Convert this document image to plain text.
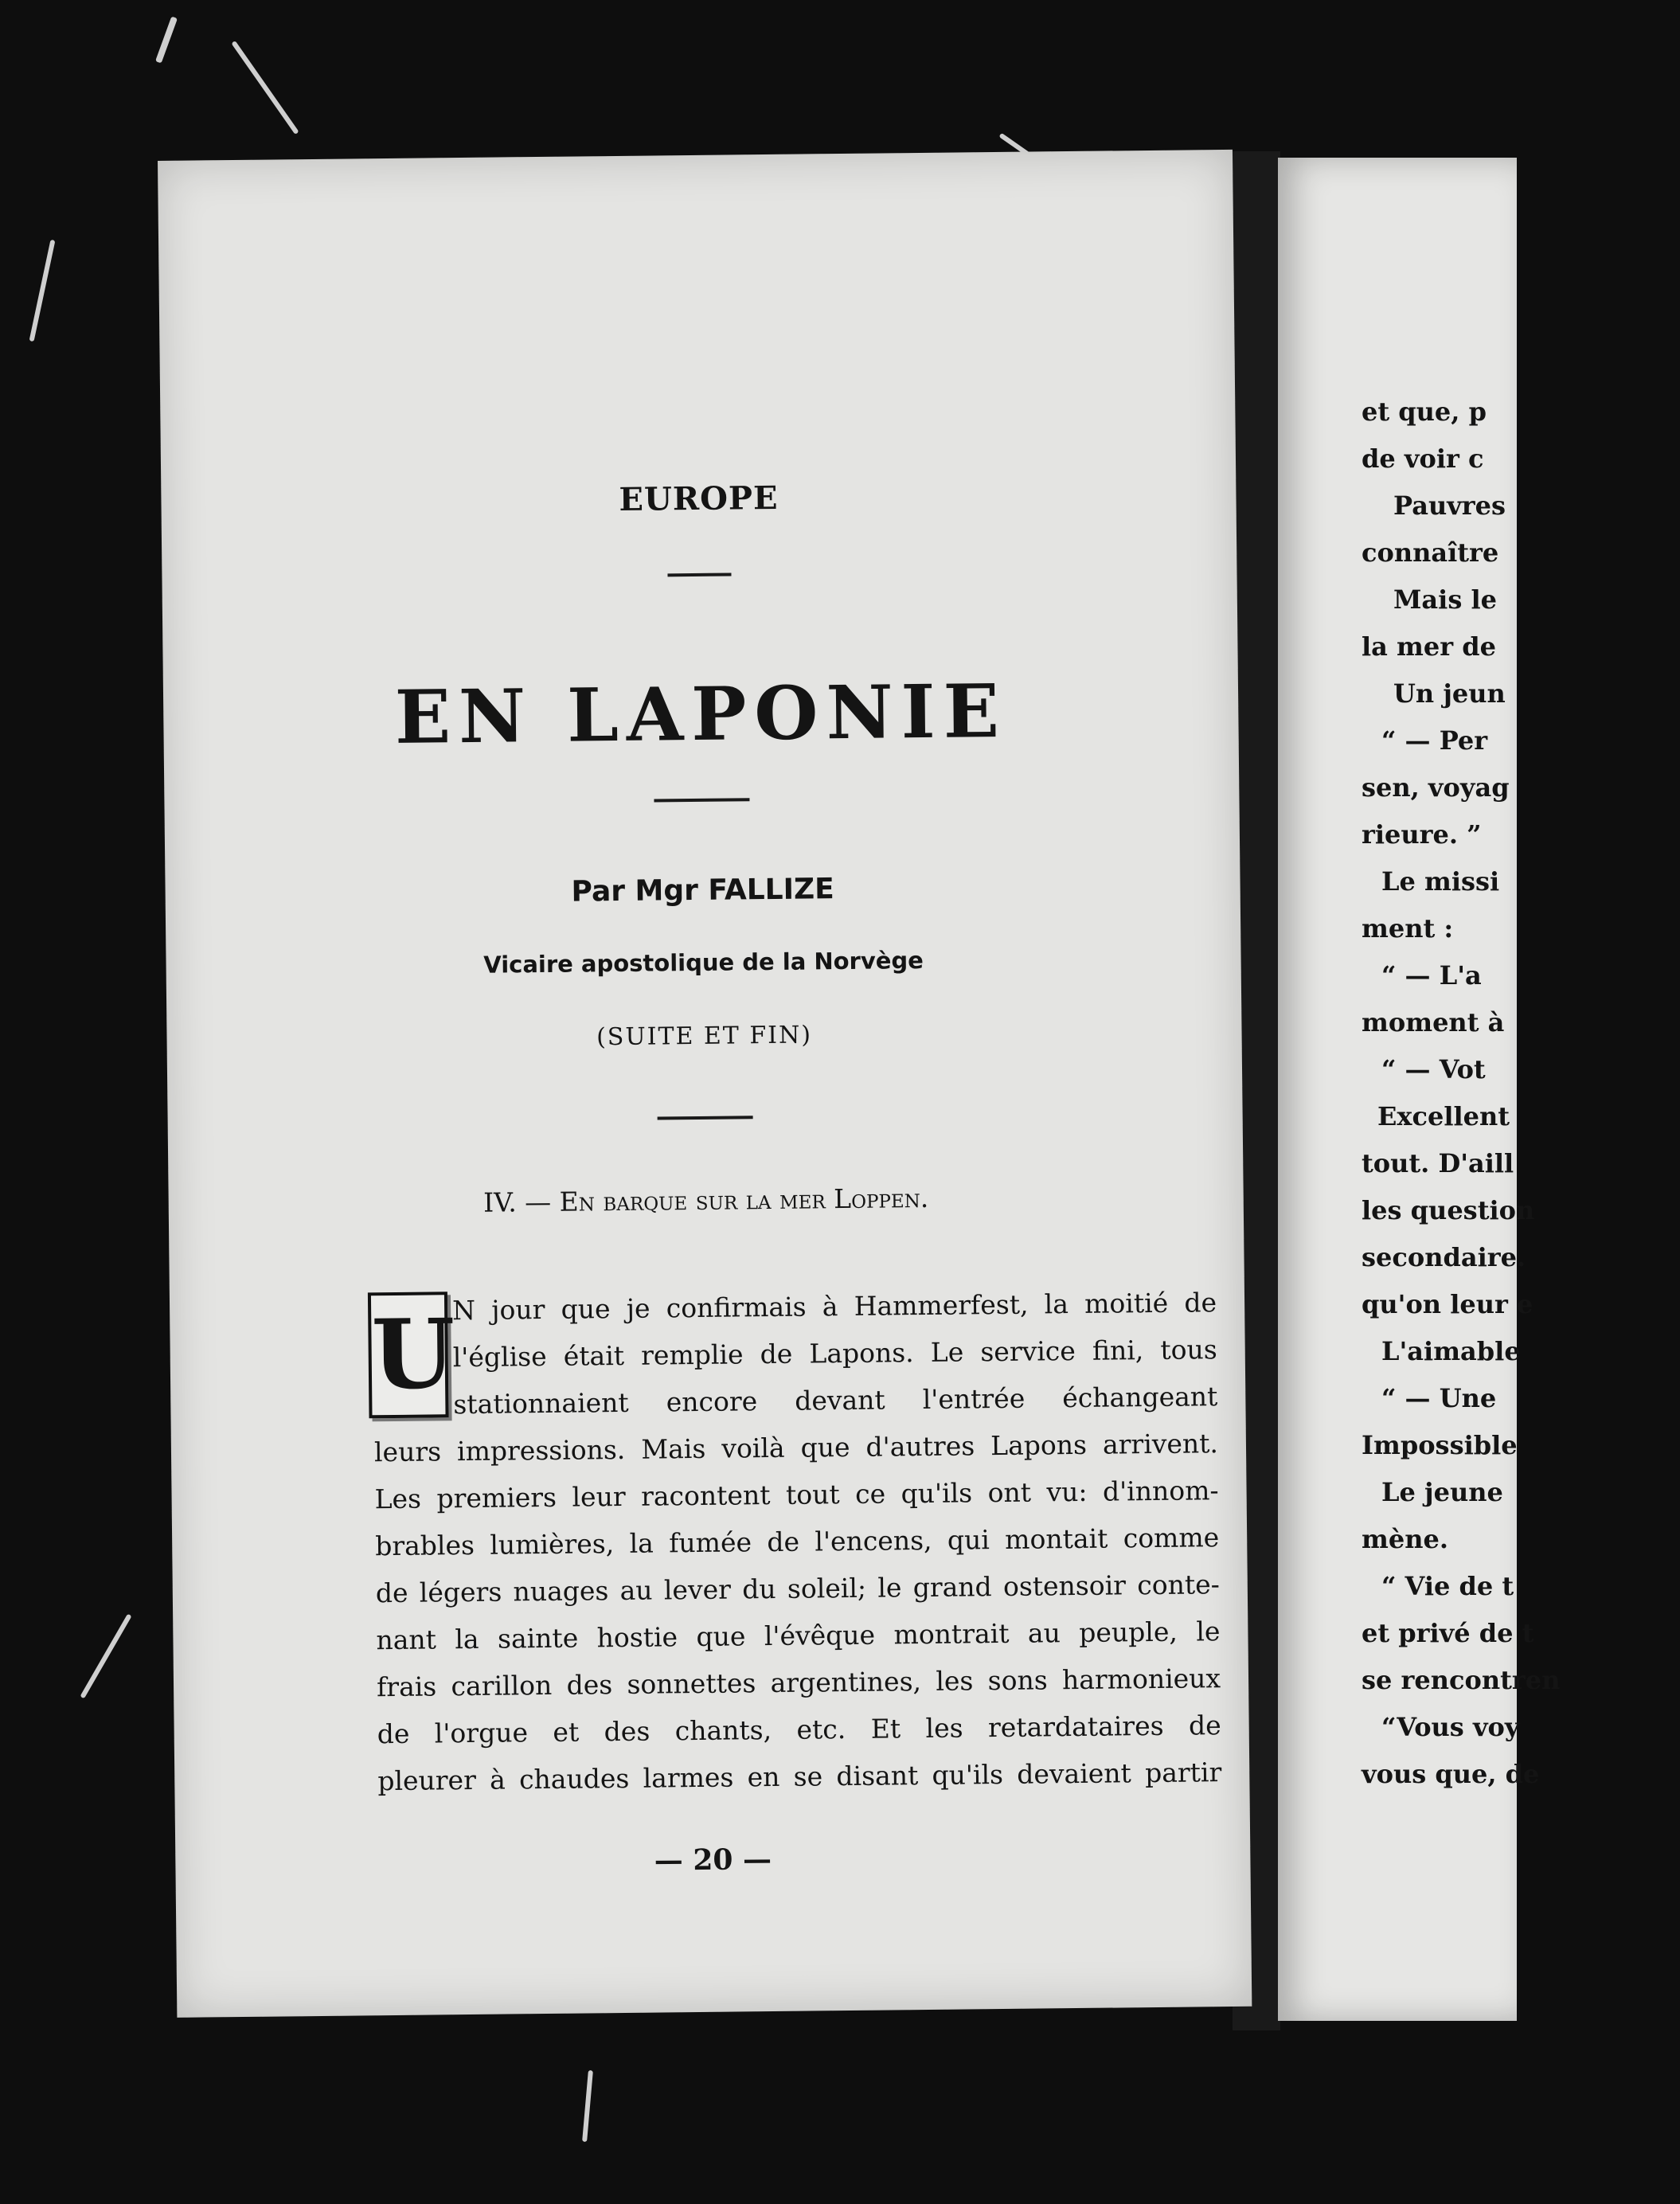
EUROPE
EN LAPONIE
Par Mgr FALLIZE
Vicaire apostolique de la Norvège
(SUITE ET FIN)
IV. — En barque sur la mer Loppen.
U
N jour que je confirmais à Hammerfest, la moitié de
l'église était remplie de Lapons. Le service fini, tous
stationnaient encore devant l'entrée échangeant
leurs impressions. Mais voilà que d'autres Lapons arrivent.
Les premiers leur racontent tout ce qu'ils ont vu: d'innom-
brables lumières, la fumée de l'encens, qui montait comme
de légers nuages au lever du soleil; le grand ostensoir conte-
nant la sainte hostie que l'évêque montrait au peuple, le
frais carillon des sonnettes argentines, les sons harmonieux
de l'orgue et des chants, etc. Et les retardataires de
pleurer à chaudes larmes en se disant qu'ils devaient partir
— 20 —
et que, p
de voir c
Pauvres
connaître
Mais le
la mer de
Un jeun
“ — Per
sen, voyag
rieure. ”
Le missi
ment :
“ — L'a
moment à
“ — Vot
Excellent
tout. D'aill
les question
secondaire.
qu'on leur e
L'aimable
“ — Une
Impossible
Le jeune
mène.
“ Vie de t
et privé de t
se rencontren
“Vous voy
vous que, de
